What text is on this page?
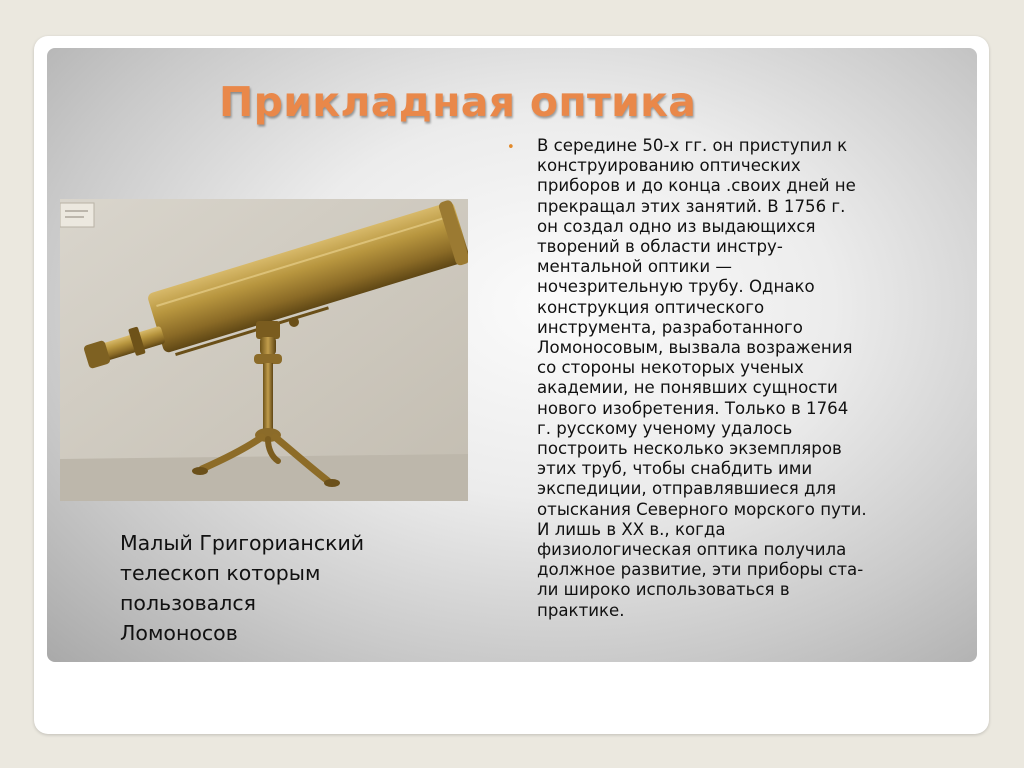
Прикладная оптика

Малый Григорианский
телескоп которым
пользовался
Ломоносов

• В середине 50-х гг. он приступил к
конструированию оптических
приборов и до конца .своих дней не
прекращал этих занятий. В 1756 г.
он создал одно из выдающихся
творений в области инстру-
ментальной оптики —
ночезрительную трубу. Однако
конструкция оптического
инструмента, разработанного
Ломоносовым, вызвала возражения
со стороны некоторых ученых
академии, не понявших сущности
нового изобретения. Только в 1764
г. русскому ученому удалось
построить несколько экземпляров
этих труб, чтобы снабдить ими
экспедиции, отправлявшиеся для
отыскания Северного морского пути.
И лишь в XX в., когда
физиологическая оптика получила
должное развитие, эти приборы ста-
ли широко использоваться в
практике.
